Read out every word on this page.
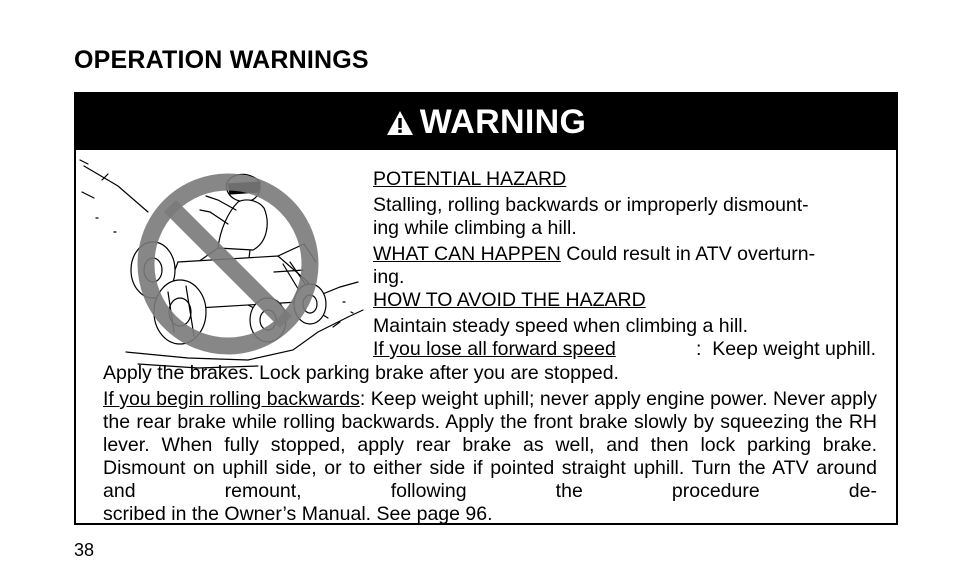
OPERATION WARNINGS
WARNING

POTENTIAL HAZARD

Stalling, rolling backwards or improperly dismount-

ing while climbing a hill.

WHAT CAN HAPPEN Could result in ATV overturn-

ing.

HOW TO AVOID THE HAZARD

Maintain steady speed when climbing a hill.

If you lose all forward speed	:  Keep weight uphill.

Apply the brakes. Lock parking brake after you are stopped.
If you begin rolling backwards: Keep weight uphill; never apply engine power. Never apply the rear brake while rolling backwards. Apply the front brake slowly by squeezing the RH lever. When fully stopped, apply rear brake as well, and then lock parking brake. Dismount on uphill side, or to either side if pointed straight uphill. Turn the ATV around and remount, following the procedure de-
scribed in the Owner’s Manual. See page 96.
38
